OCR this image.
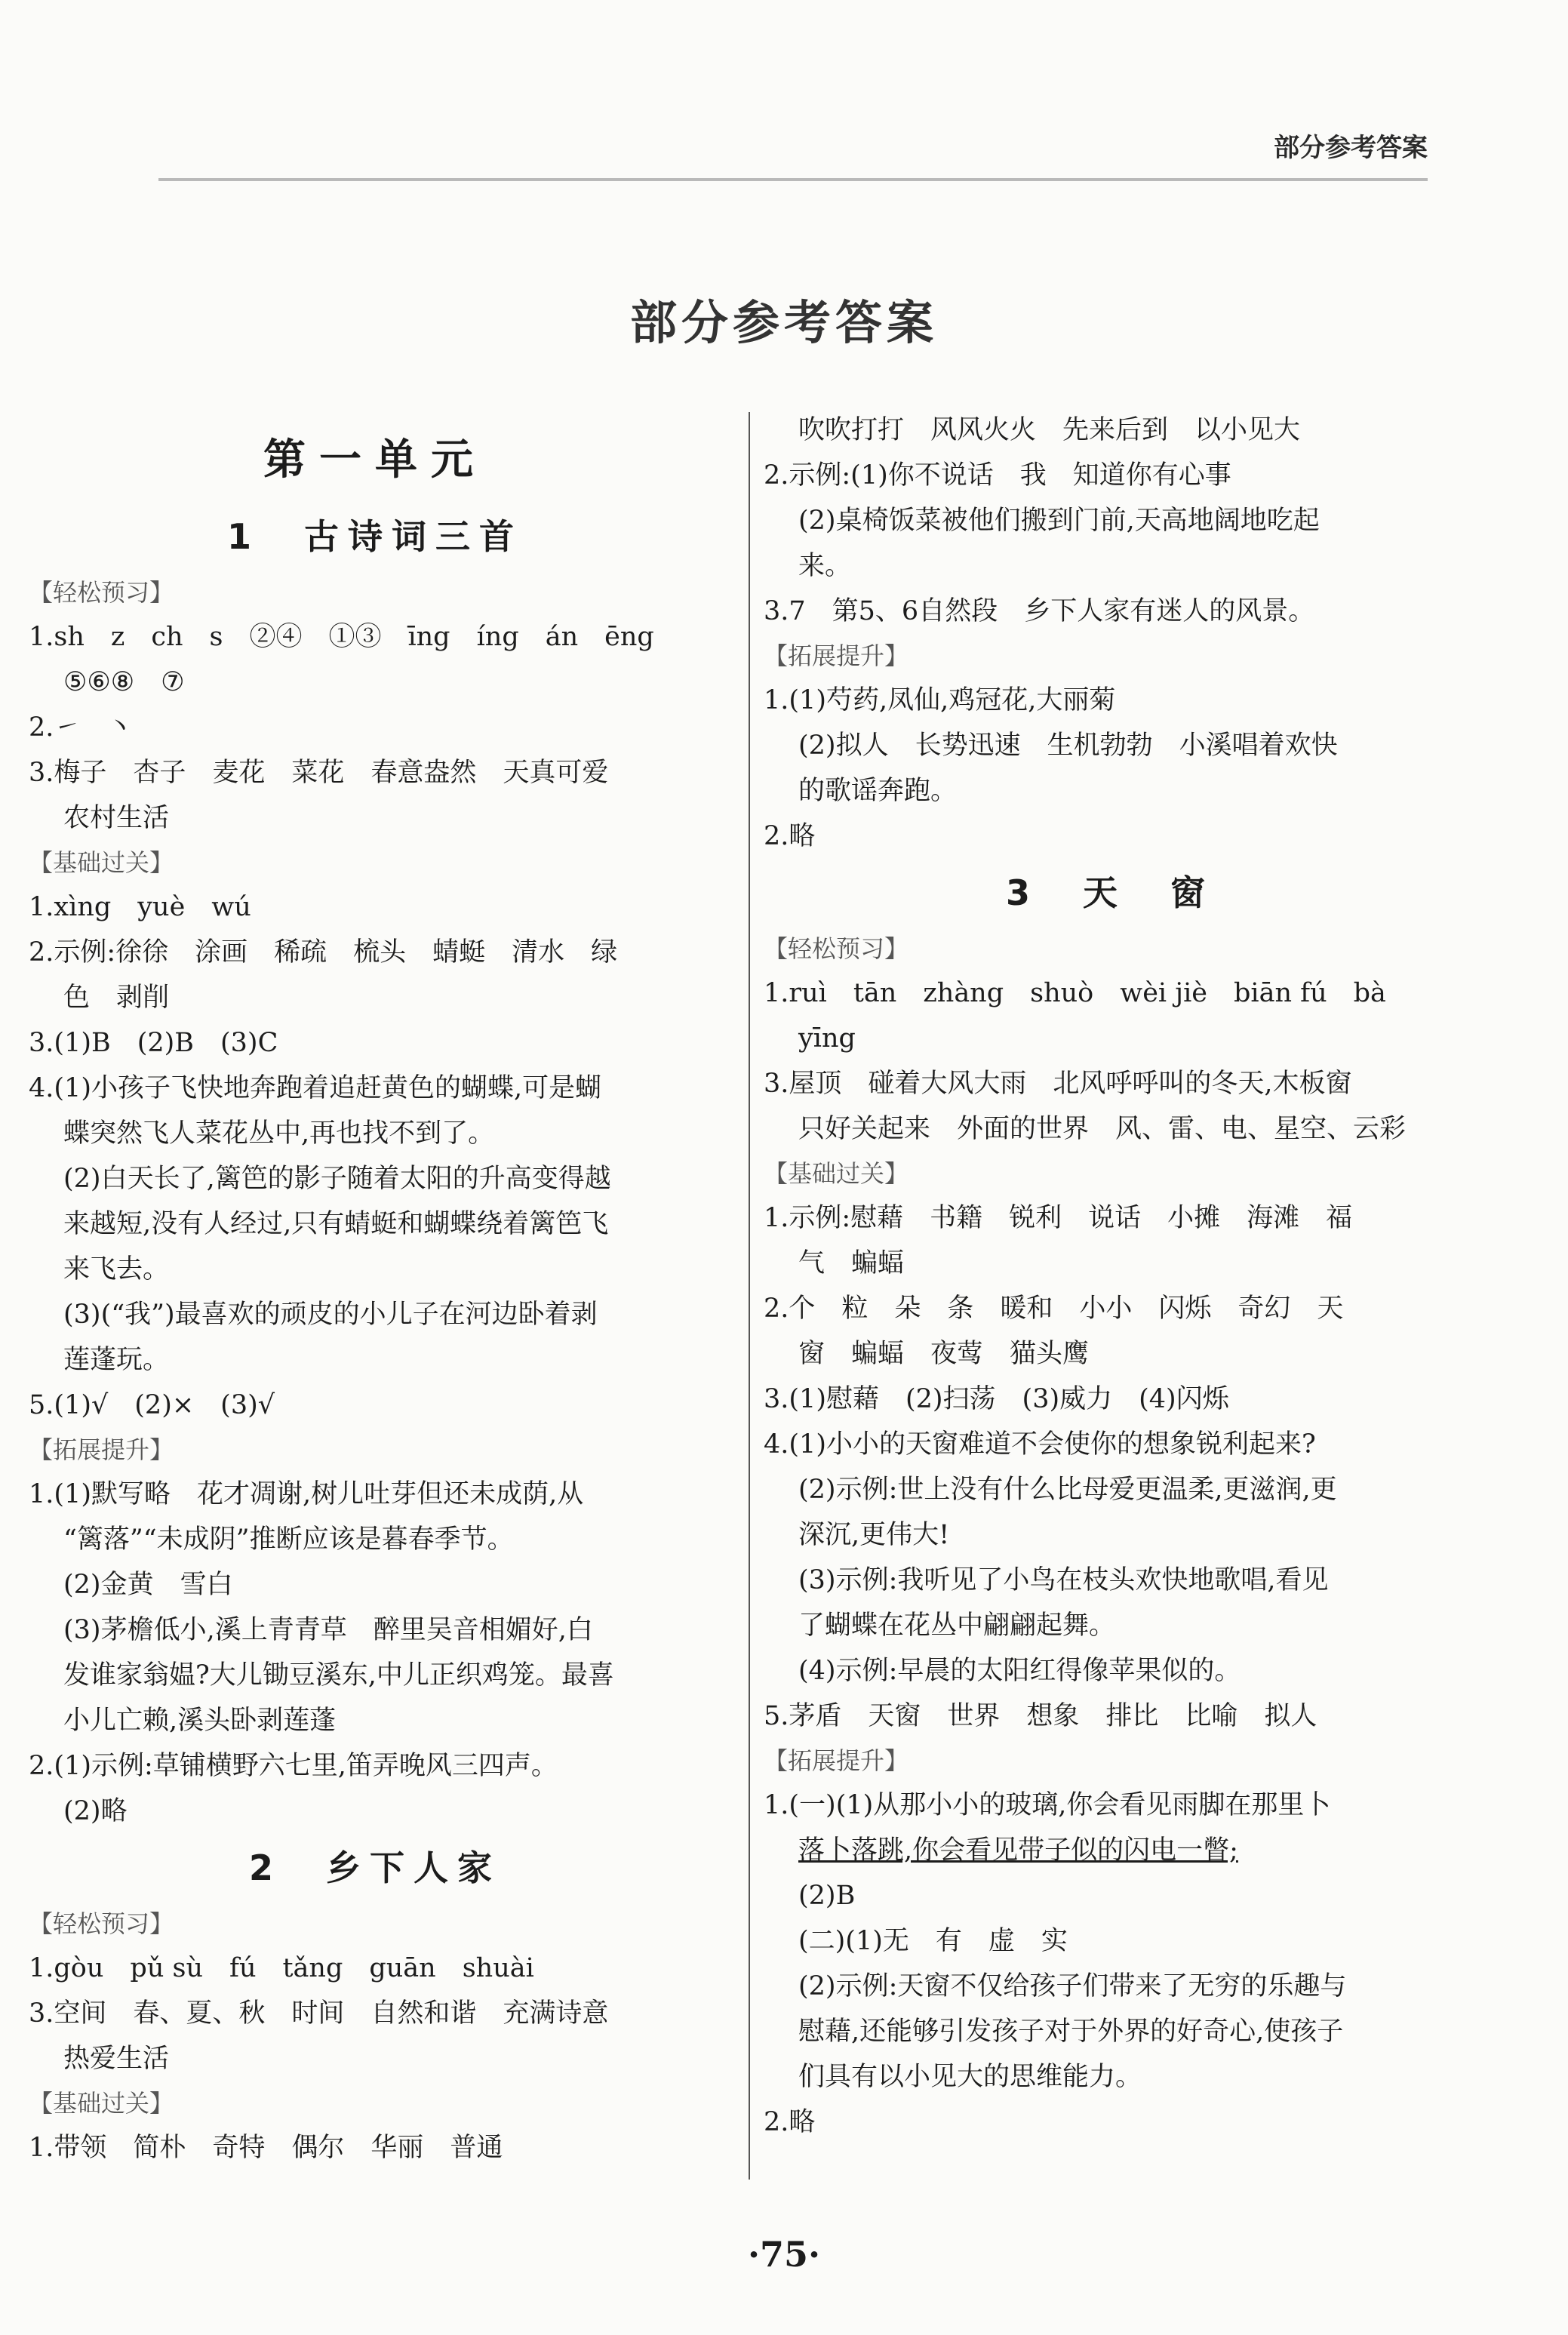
部分参考答案
部分参考答案
第一单元
1　古诗词三首
【轻松预习】
1.sh　z　ch　s　②④　①③　īng　íng　án　ēng
⑤⑥⑧　⑦
2.㇀　丶
3.梅子　杏子　麦花　菜花　春意盎然　天真可爱
农村生活
【基础过关】
1.xìng　yuè　wú
2.示例:徐徐　涂画　稀疏　梳头　蜻蜓　清水　绿
色　剥削
3.(1)B　(2)B　(3)C
4.(1)小孩子飞快地奔跑着追赶黄色的蝴蝶,可是蝴
蝶突然飞人菜花丛中,再也找不到了。
(2)白天长了,篱笆的影子随着太阳的升高变得越
来越短,没有人经过,只有蜻蜓和蝴蝶绕着篱笆飞
来飞去。
(3)(“我”)最喜欢的顽皮的小儿子在河边卧着剥
莲蓬玩。
5.(1)√　(2)×　(3)√
【拓展提升】
1.(1)默写略　花才凋谢,树儿吐芽但还未成荫,从
“篱落”“未成阴”推断应该是暮春季节。
(2)金黄　雪白
(3)茅檐低小,溪上青青草　醉里吴音相媚好,白
发谁家翁媪?大儿锄豆溪东,中儿正织鸡笼。最喜
小儿亡赖,溪头卧剥莲蓬
2.(1)示例:草铺横野六七里,笛弄晚风三四声。
(2)略
2　乡下人家
【轻松预习】
1.gòu　pǔ sù　fú　tǎng　guān　shuài
3.空间　春、夏、秋　时间　自然和谐　充满诗意
热爱生活
【基础过关】
1.带领　简朴　奇特　偶尔　华丽　普通
吹吹打打　风风火火　先来后到　以小见大
2.示例:(1)你不说话　我　知道你有心事
(2)桌椅饭菜被他们搬到门前,天高地阔地吃起
来。
3.7　第5、6自然段　乡下人家有迷人的风景。
【拓展提升】
1.(1)芍药,凤仙,鸡冠花,大丽菊
(2)拟人　长势迅速　生机勃勃　小溪唱着欢快
的歌谣奔跑。
2.略
3　天　窗
【轻松预习】
1.ruì　tān　zhàng　shuò　wèi jiè　biān fú　bà
yīng
3.屋顶　碰着大风大雨　北风呼呼叫的冬天,木板窗
只好关起来　外面的世界　风、雷、电、星空、云彩
【基础过关】
1.示例:慰藉　书籍　锐利　说话　小摊　海滩　福
气　蝙蝠
2.个　粒　朵　条　暖和　小小　闪烁　奇幻　天
窗　蝙蝠　夜莺　猫头鹰
3.(1)慰藉　(2)扫荡　(3)威力　(4)闪烁
4.(1)小小的天窗难道不会使你的想象锐利起来?
(2)示例:世上没有什么比母爱更温柔,更滋润,更
深沉,更伟大!
(3)示例:我听见了小鸟在枝头欢快地歌唱,看见
了蝴蝶在花丛中翩翩起舞。
(4)示例:早晨的太阳红得像苹果似的。
5.茅盾　天窗　世界　想象　排比　比喻　拟人
【拓展提升】
1.(一)(1)从那小小的玻璃,你会看见雨脚在那里卜
落卜落跳,你会看见带子似的闪电一瞥;
(2)B
(二)(1)无　有　虚　实
(2)示例:天窗不仅给孩子们带来了无穷的乐趣与
慰藉,还能够引发孩子对于外界的好奇心,使孩子
们具有以小见大的思维能力。
2.略
·75·
